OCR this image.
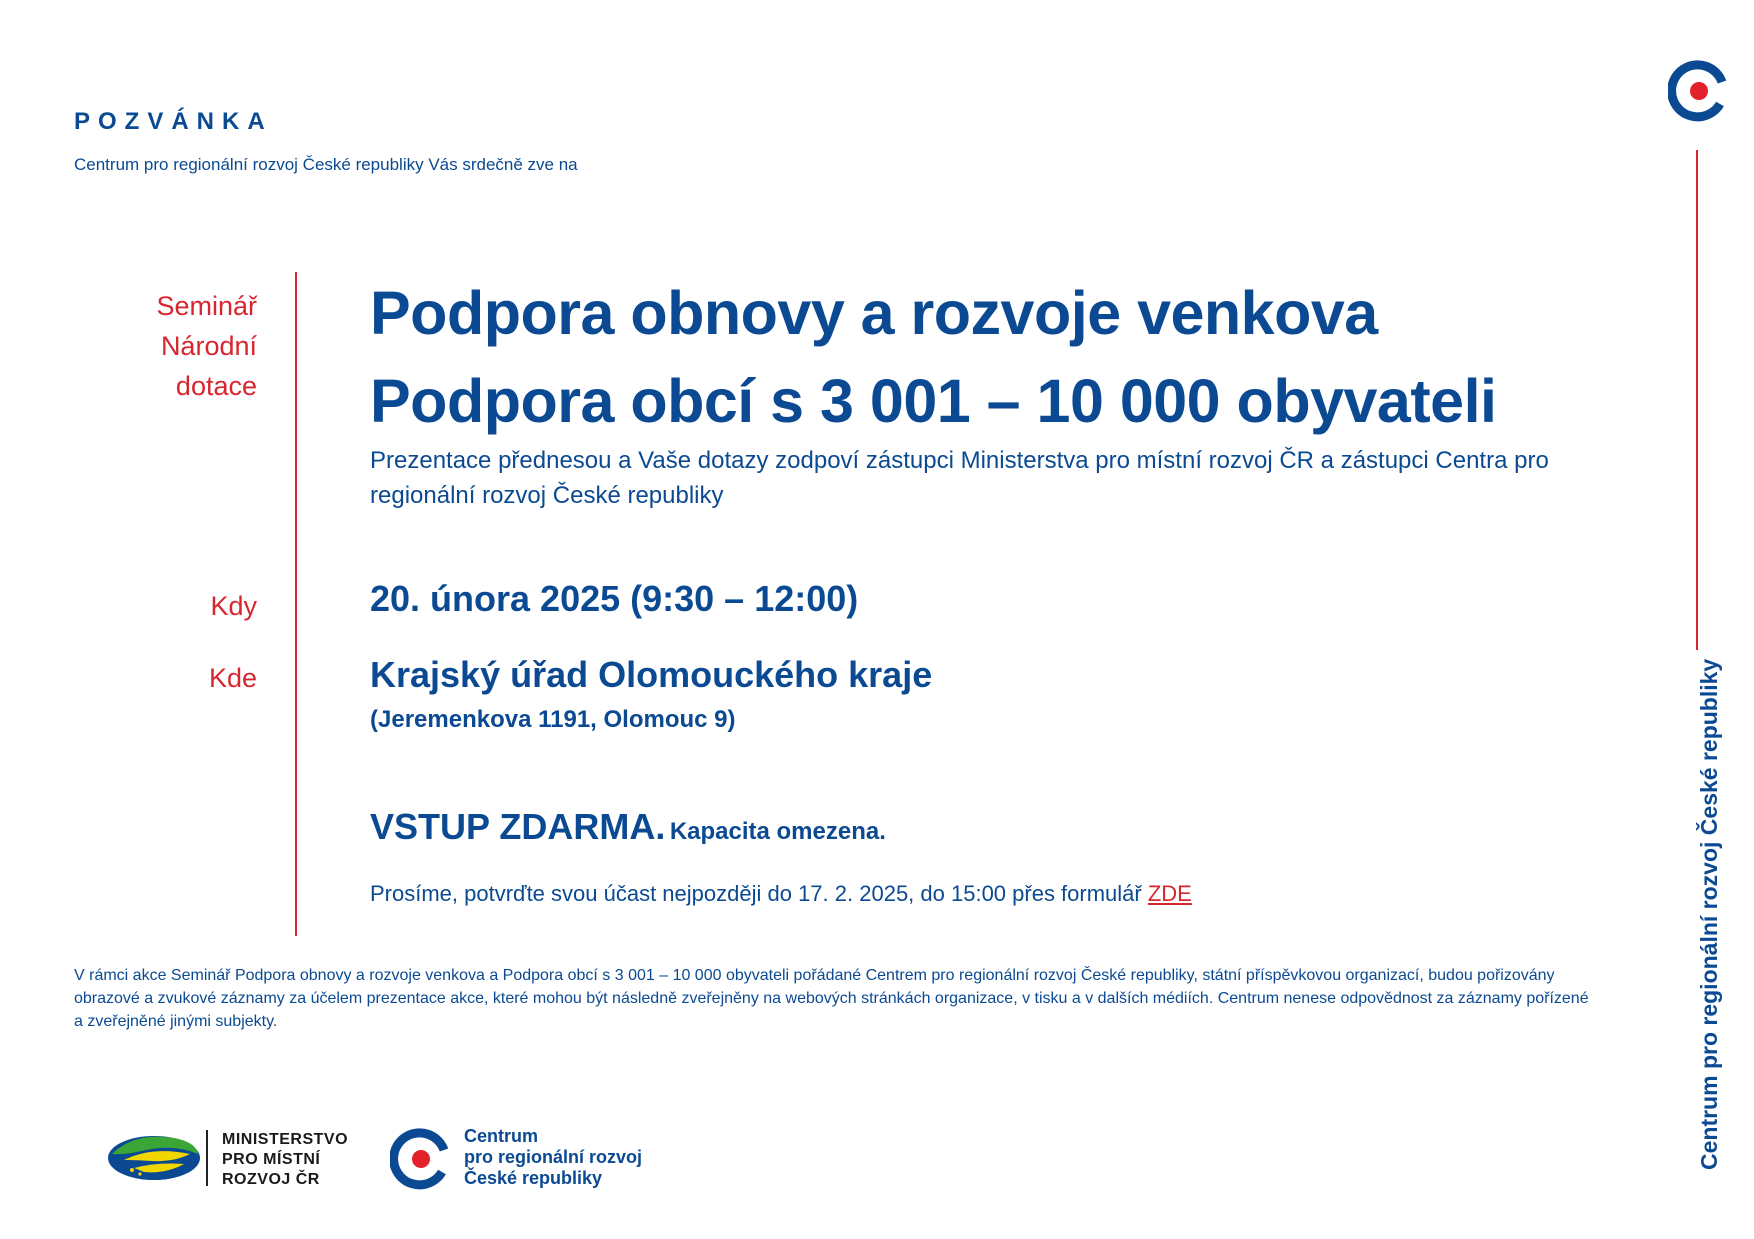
POZVÁNKA
Centrum pro regionální rozvoj České republiky Vás srdečně zve na
Seminář
Národní
dotace
Kdy
Kde
Podpora obnovy a rozvoje venkova
Podpora obcí s 3 001 – 10 000 obyvateli
Prezentace přednesou a Vaše dotazy zodpoví zástupci Ministerstva pro místní rozvoj ČR a zástupci Centra pro regionální rozvoj České republiky
20. února 2025 (9:30 – 12:00)
Krajský úřad Olomouckého kraje
(Jeremenkova 1191, Olomouc 9)
VSTUP ZDARMA. Kapacita omezena.
Prosíme, potvrďte svou účast nejpozději do 17. 2. 2025, do 15:00 přes formulář ZDE
V rámci akce Seminář Podpora obnovy a rozvoje venkova a Podpora obcí s 3 001 – 10 000 obyvateli pořádané Centrem pro regionální rozvoj České republiky, státní příspěvkovou organizací, budou pořizovány obrazové a zvukové záznamy za účelem prezentace akce, které mohou být následně zveřejněny na webových stránkách organizace, v tisku a v dalších médiích. Centrum nenese odpovědnost za záznamy pořízené a zveřejněné jinými subjekty.	Centrum pro regionální rozvoj České republiky
MINISTERSTVO
PRO MÍSTNÍ
ROZVOJ ČR
Centrum
pro regionální rozvoj
České republiky
